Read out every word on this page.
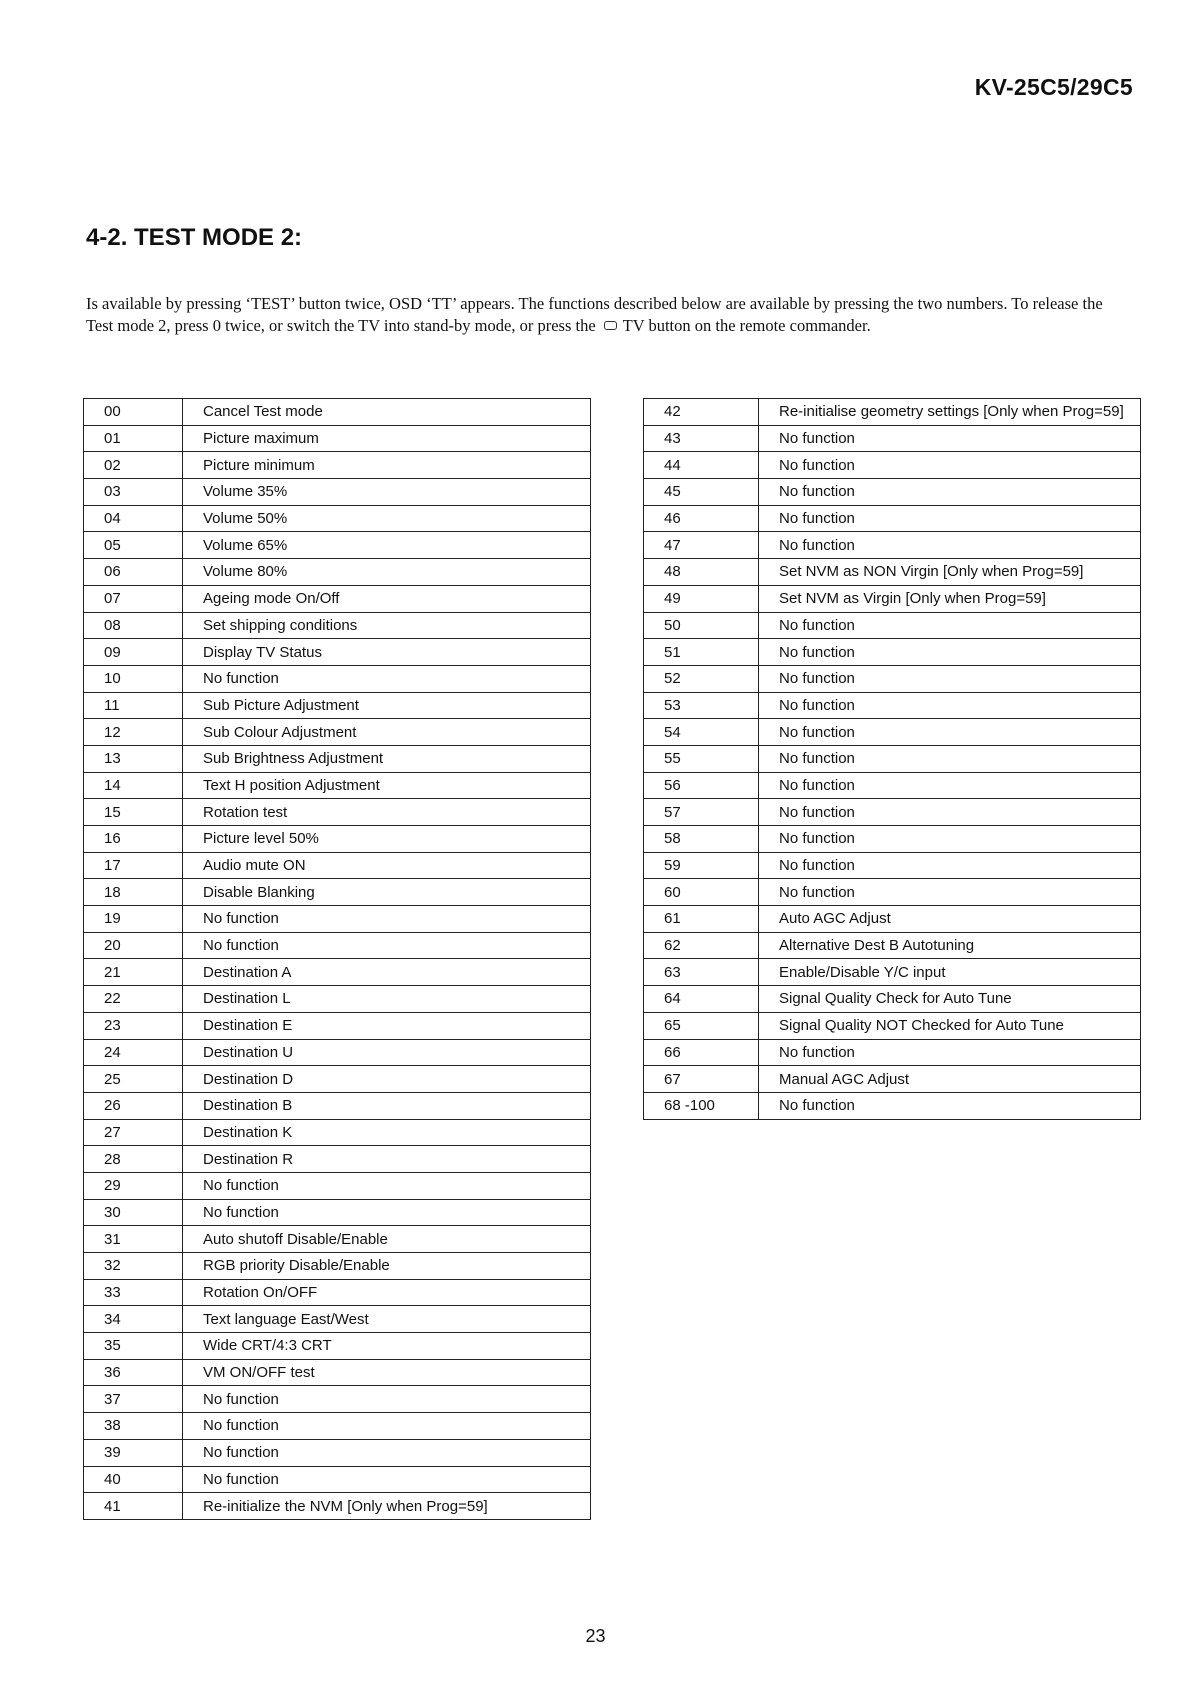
KV-25C5/29C5
4-2. TEST MODE 2:

Is available by pressing ‘TEST’ button twice, OSD ‘TT’ appears. The functions described below are available by pressing the two numbers. To release the Test mode 2, press 0 twice, or switch the TV into stand-by mode, or press the TV button on the remote commander.

00	Cancel Test mode
01	Picture maximum
02	Picture minimum
03	Volume 35%
04	Volume 50%
05	Volume 65%
06	Volume 80%
07	Ageing mode On/Off
08	Set shipping conditions
09	Display TV Status
10	No function
11	Sub Picture Adjustment
12	Sub Colour Adjustment
13	Sub Brightness Adjustment
14	Text H position Adjustment
15	Rotation test
16	Picture level 50%
17	Audio mute ON
18	Disable Blanking
19	No function
20	No function
21	Destination A
22	Destination L
23	Destination E
24	Destination U
25	Destination D
26	Destination B
27	Destination K
28	Destination R
29	No function
30	No function
31	Auto shutoff Disable/Enable
32	RGB priority Disable/Enable
33	Rotation On/OFF
34	Text language East/West
35	Wide CRT/4:3 CRT
36	VM ON/OFF test
37	No function
38	No function
39	No function
40	No function
41	Re-initialize the NVM [Only when Prog=59]
42	Re-initialise geometry settings [Only when Prog=59]
43	No function
44	No function
45	No function
46	No function
47	No function
48	Set NVM as NON Virgin [Only when Prog=59]
49	Set NVM as Virgin [Only when Prog=59]
50	No function
51	No function
52	No function
53	No function
54	No function
55	No function
56	No function
57	No function
58	No function
59	No function
60	No function
61	Auto AGC Adjust
62	Alternative Dest B Autotuning
63	Enable/Disable Y/C input
64	Signal Quality Check for Auto Tune
65	Signal Quality NOT Checked for Auto Tune
66	No function
67	Manual AGC Adjust
68 -100	No function
23
